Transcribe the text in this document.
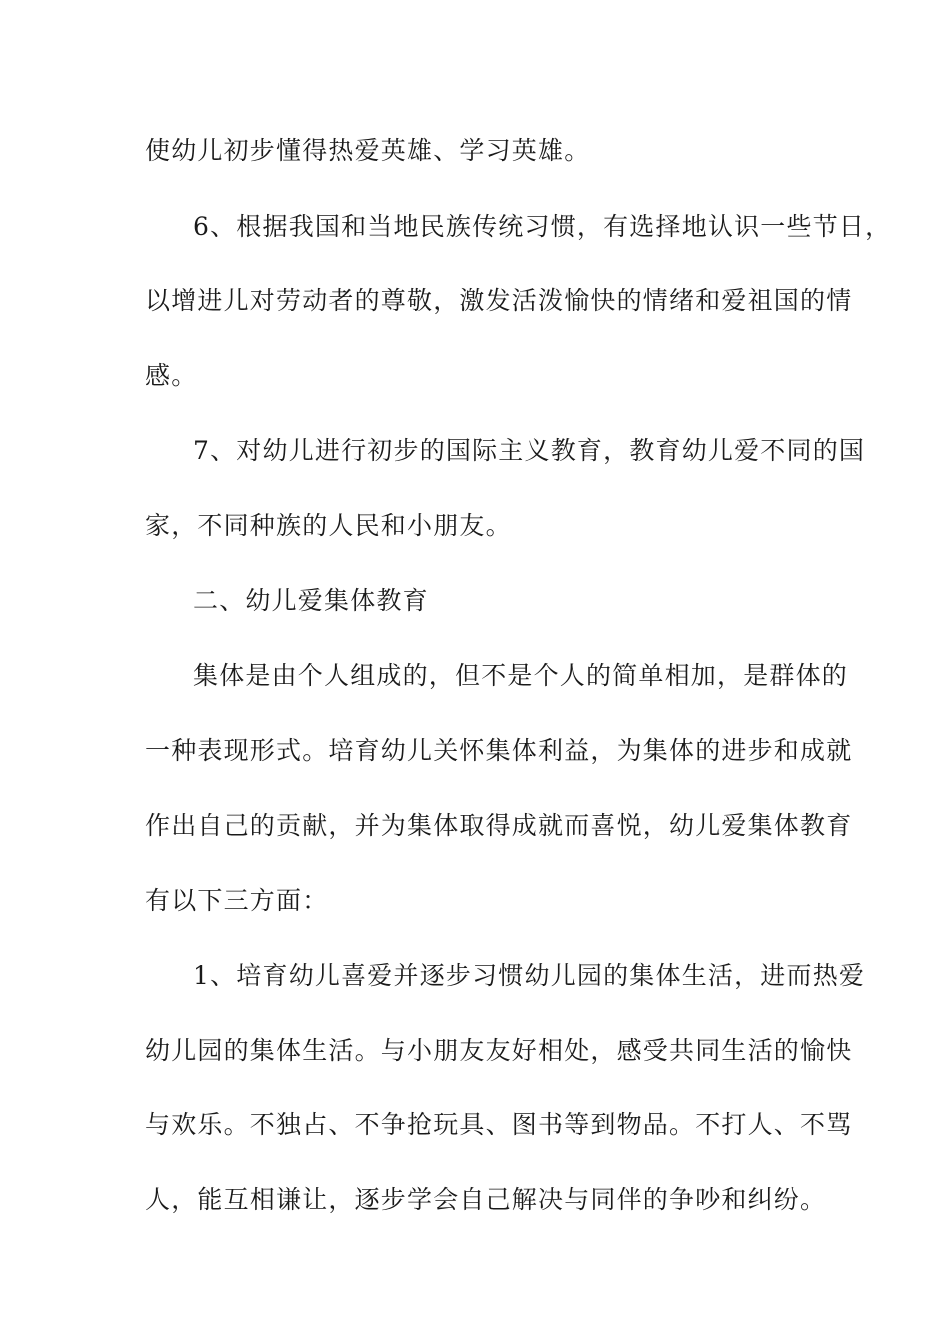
使幼儿初步懂得热爱英雄、学习英雄。
6、根据我国和当地民族传统习惯，有选择地认识一些节日，
以增进儿对劳动者的尊敬，激发活泼愉快的情绪和爱祖国的情
感。
7、对幼儿进行初步的国际主义教育，教育幼儿爱不同的国
家，不同种族的人民和小朋友。
二、幼儿爱集体教育
集体是由个人组成的，但不是个人的简单相加，是群体的
一种表现形式。培育幼儿关怀集体利益，为集体的进步和成就
作出自己的贡献，并为集体取得成就而喜悦，幼儿爱集体教育
有以下三方面：
1、培育幼儿喜爱并逐步习惯幼儿园的集体生活，进而热爱
幼儿园的集体生活。与小朋友友好相处，感受共同生活的愉快
与欢乐。不独占、不争抢玩具、图书等到物品。不打人、不骂
人，能互相谦让，逐步学会自己解决与同伴的争吵和纠纷。
